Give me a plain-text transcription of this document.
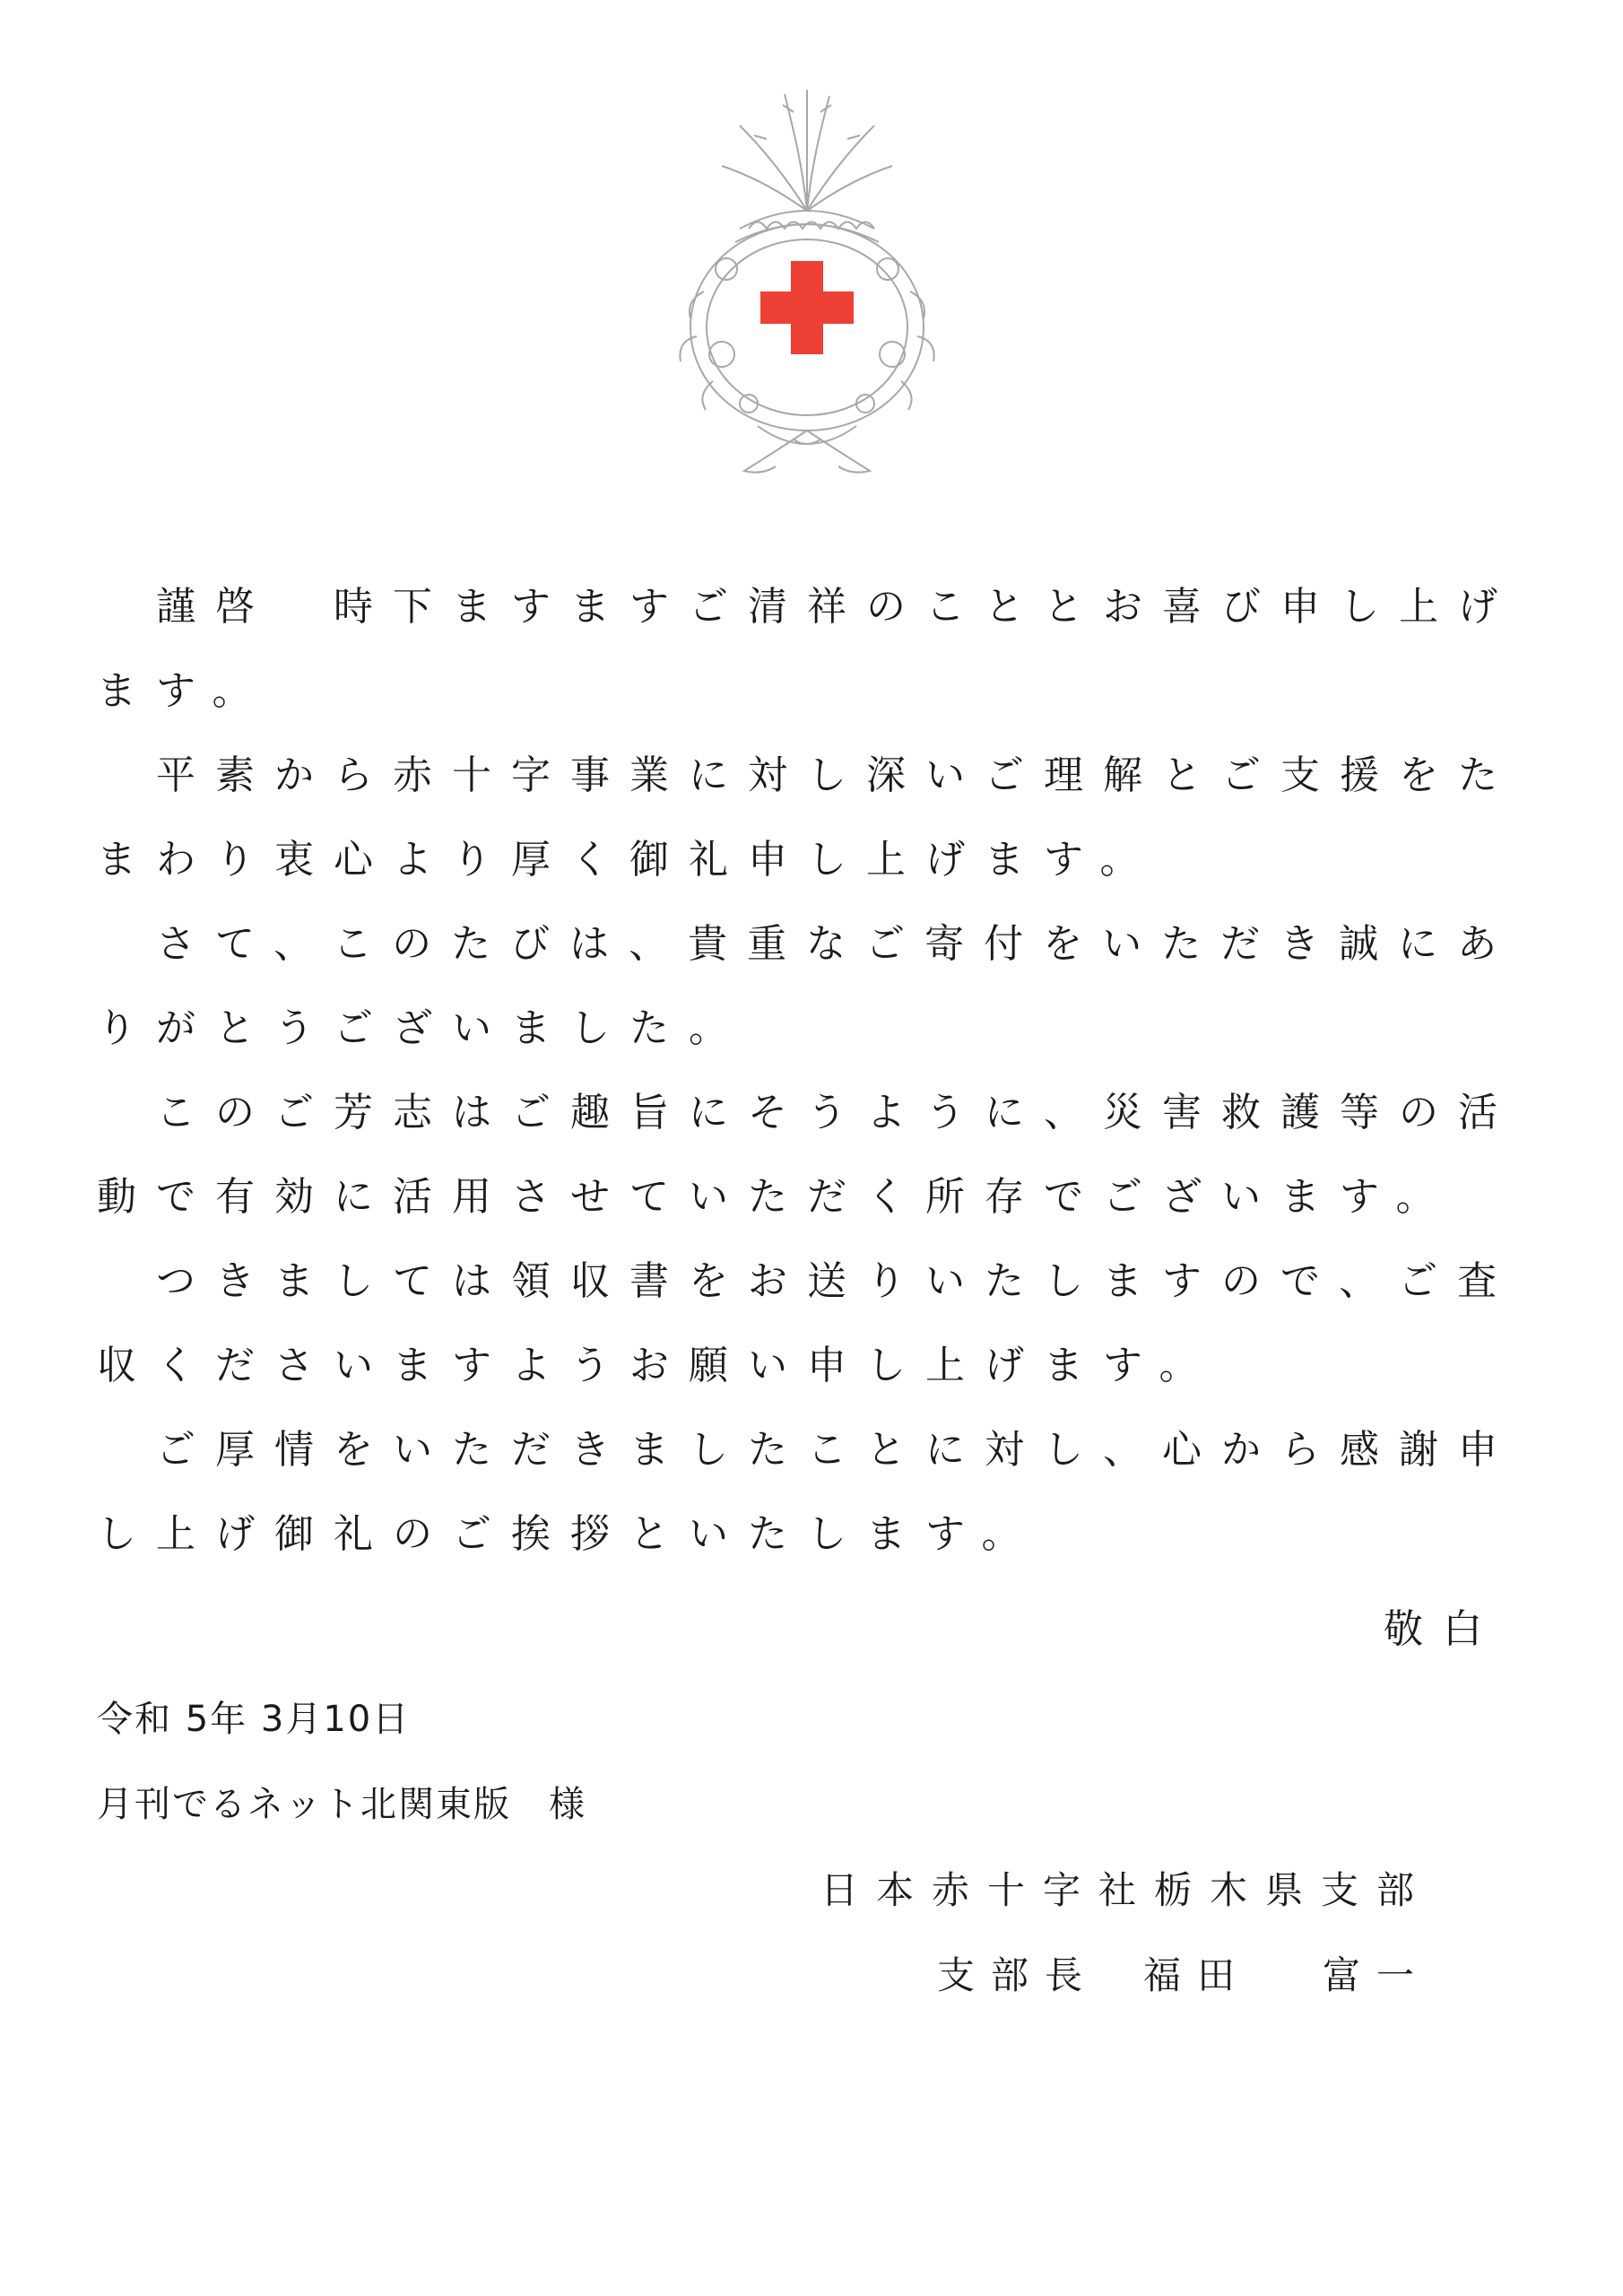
謹啓　時下ますますご清祥のこととお喜び申し上げます。

平素から赤十字事業に対し深いご理解とご支援をたまわり衷心より厚く御礼申し上げます。

さて、このたびは、貴重なご寄付をいただき誠にありがとうございました。

このご芳志はご趣旨にそうように、災害救護等の活動で有効に活用させていただく所存でございます。

つきましては領収書をお送りいたしますので、ご査収くださいますようお願い申し上げます。

ご厚情をいただきましたことに対し、心から感謝申し上げ御礼のご挨拶といたします。

敬白

令和 5年 3月10日

月刊でるネット北関東版　様

日本赤十字社栃木県支部

支部長 福田 富一
